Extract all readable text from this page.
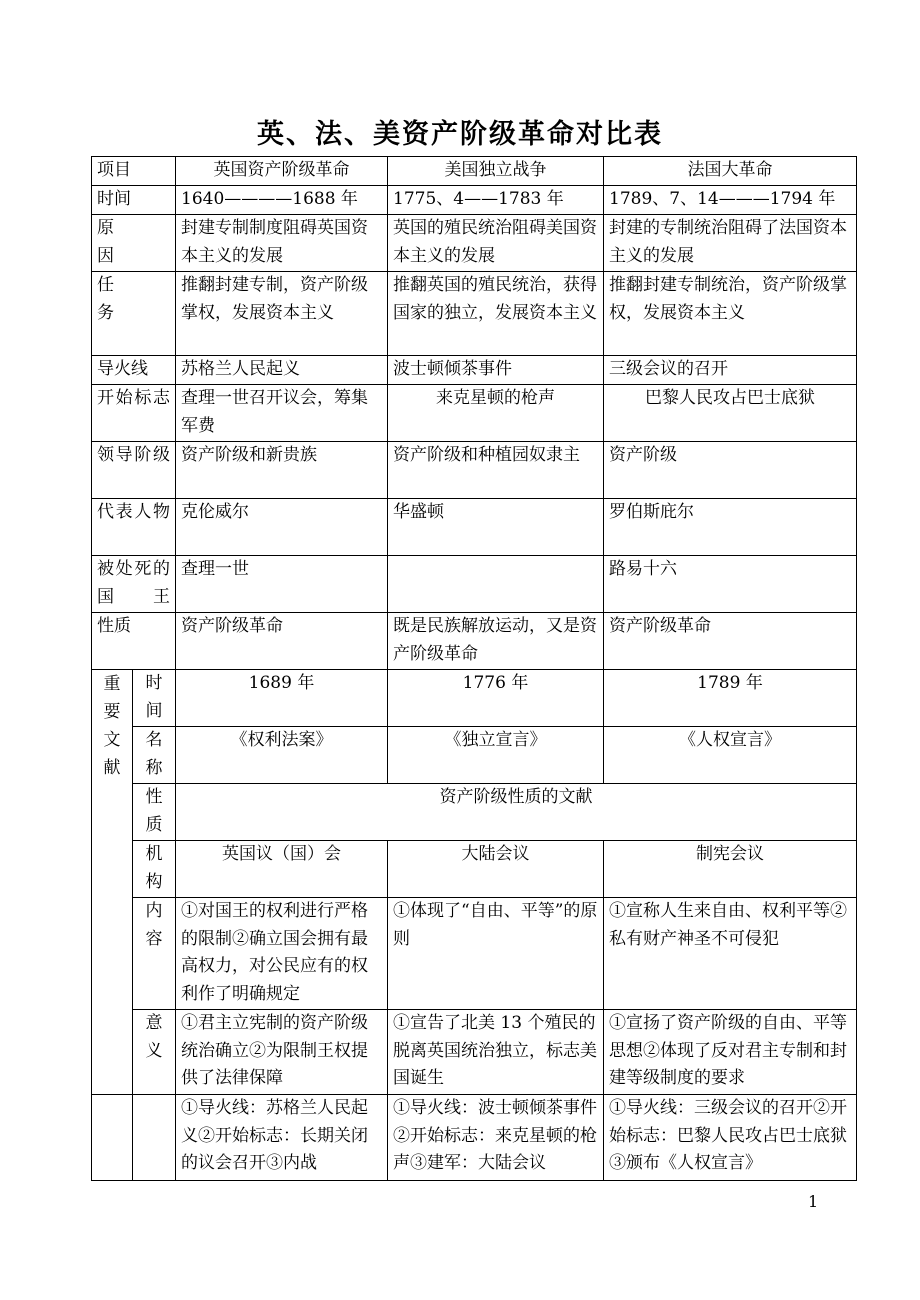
英、法、美资产阶级革命对比表
项目		英国资产阶级革命	美国独立战争	法国大革命
时间		1640————1688 年	1775、4——1783 年	1789、7、14———1794 年

原因		封建专制制度阻碍英国资本主义的发展	英国的殖民统治阻碍美国资本主义的发展	封建的专制统治阻碍了法国资本主义的发展

任务		推翻封建专制，资产阶级掌权，发展资本主义	推翻英国的殖民统治，获得国家的独立，发展资本主义	推翻封建专制统治，资产阶级掌权，发展资本主义
导火线		苏格兰人民起义	波士顿倾茶事件	三级会议的召开
开始标志		查理一世召开议会，筹集军费	来克星顿的枪声	巴黎人民攻占巴士底狱
领导阶级		资产阶级和新贵族	资产阶级和种植园奴隶主	资产阶级
代表人物		克伦威尔	华盛顿	罗伯斯庇尔
被处死的国王		查理一世		路易十六
性质		资产阶级革命	既是民族解放运动，又是资产阶级革命	资产阶级革命

重要文献	时间	1689 年	1776 年	1789 年
	名称	《权利法案》	《独立宣言》	《人权宣言》
	性质	资产阶级性质的文献		
	机构	英国议（国）会	大陆会议	制宪会议
	内容	①对国王的权利进行严格的限制②确立国会拥有最高权力，对公民应有的权利作了明确规定	①体现了“自由、平等”的原则	①宣称人生来自由、权利平等②私有财产神圣不可侵犯
	意义	①君主立宪制的资产阶级统治确立②为限制王权提供了法律保障	①宣告了北美 13 个殖民的脱离英国统治独立，标志美国诞生	①宣扬了资产阶级的自由、平等思想②体现了反对君主专制和封建等级制度的要求
		①导火线：苏格兰人民起义②开始标志：长期关闭的议会召开③内战	①导火线：波士顿倾茶事件②开始标志：来克星顿的枪声③建军：大陆会议	①导火线：三级会议的召开②开始标志：巴黎人民攻占巴士底狱③颁布《人权宣言》
1
